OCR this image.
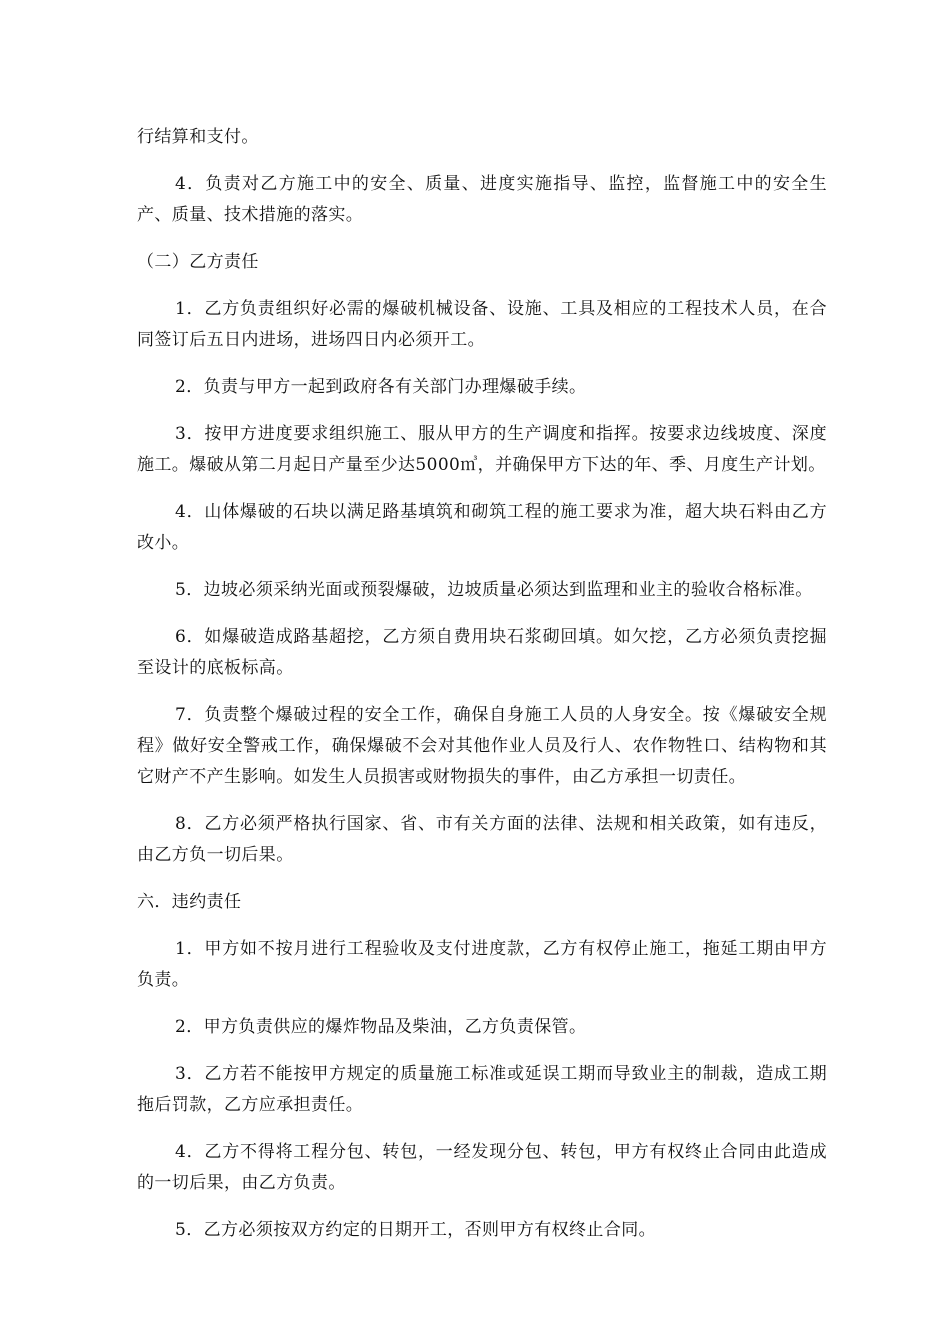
行结算和支付。

4．负责对乙方施工中的安全、质量、进度实施指导、监控，监督施工中的安全生产、质量、技术措施的落实。

（二）乙方责任

1．乙方负责组织好必需的爆破机械设备、设施、工具及相应的工程技术人员，在合同签订后五日内进场，进场四日内必须开工。

2．负责与甲方一起到政府各有关部门办理爆破手续。

3．按甲方进度要求组织施工、服从甲方的生产调度和指挥。按要求边线坡度、深度施工。爆破从第二月起日产量至少达5000㎥，并确保甲方下达的年、季、月度生产计划。

4．山体爆破的石块以满足路基填筑和砌筑工程的施工要求为准，超大块石料由乙方改小。

5．边坡必须采纳光面或预裂爆破，边坡质量必须达到监理和业主的验收合格标准。

6．如爆破造成路基超挖，乙方须自费用块石浆砌回填。如欠挖，乙方必须负责挖掘至设计的底板标高。

7．负责整个爆破过程的安全工作，确保自身施工人员的人身安全。按《爆破安全规程》做好安全警戒工作，确保爆破不会对其他作业人员及行人、农作物牲口、结构物和其它财产不产生影响。如发生人员损害或财物损失的事件，由乙方承担一切责任。

8．乙方必须严格执行国家、省、市有关方面的法律、法规和相关政策，如有违反，由乙方负一切后果。

六．违约责任

1．甲方如不按月进行工程验收及支付进度款，乙方有权停止施工，拖延工期由甲方负责。

2．甲方负责供应的爆炸物品及柴油，乙方负责保管。

3．乙方若不能按甲方规定的质量施工标准或延误工期而导致业主的制裁，造成工期拖后罚款，乙方应承担责任。

4．乙方不得将工程分包、转包，一经发现分包、转包，甲方有权终止合同由此造成的一切后果，由乙方负责。

5．乙方必须按双方约定的日期开工，否则甲方有权终止合同。
